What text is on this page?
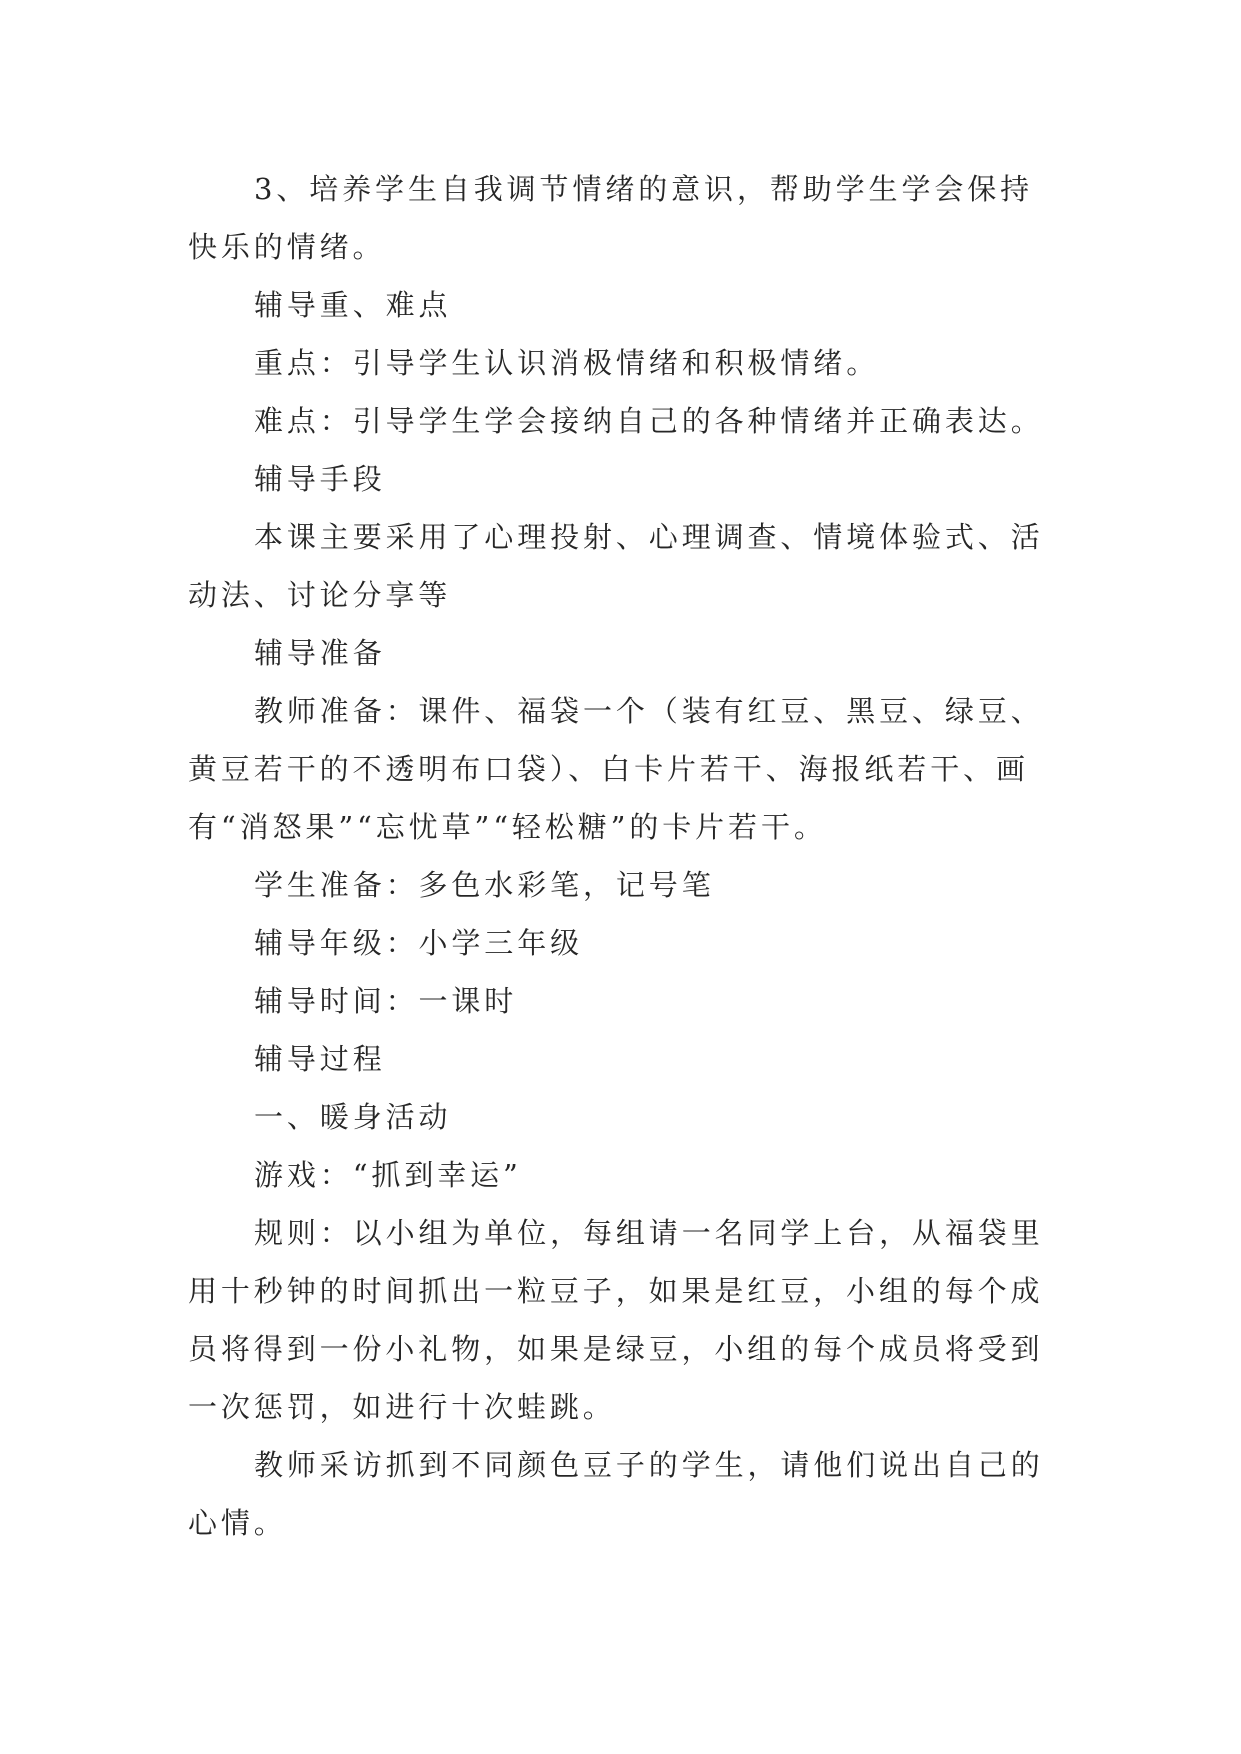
3、培养学生自我调节情绪的意识，帮助学生学会保持快乐的情绪。

辅导重、难点

重点：引导学生认识消极情绪和积极情绪。

难点：引导学生学会接纳自己的各种情绪并正确表达。

辅导手段

本课主要采用了心理投射、心理调查、情境体验式、活动法、讨论分享等

辅导准备

教师准备：课件、福袋一个（装有红豆、黑豆、绿豆、黄豆若干的不透明布口袋）、白卡片若干、海报纸若干、画有“消怒果”“忘忧草”“轻松糖”的卡片若干。

学生准备：多色水彩笔，记号笔

辅导年级：小学三年级

辅导时间：一课时

辅导过程

一、暖身活动

游戏：“抓到幸运”

规则：以小组为单位，每组请一名同学上台，从福袋里用十秒钟的时间抓出一粒豆子，如果是红豆，小组的每个成员将得到一份小礼物，如果是绿豆，小组的每个成员将受到一次惩罚，如进行十次蛙跳。

教师采访抓到不同颜色豆子的学生，请他们说出自己的心情。
